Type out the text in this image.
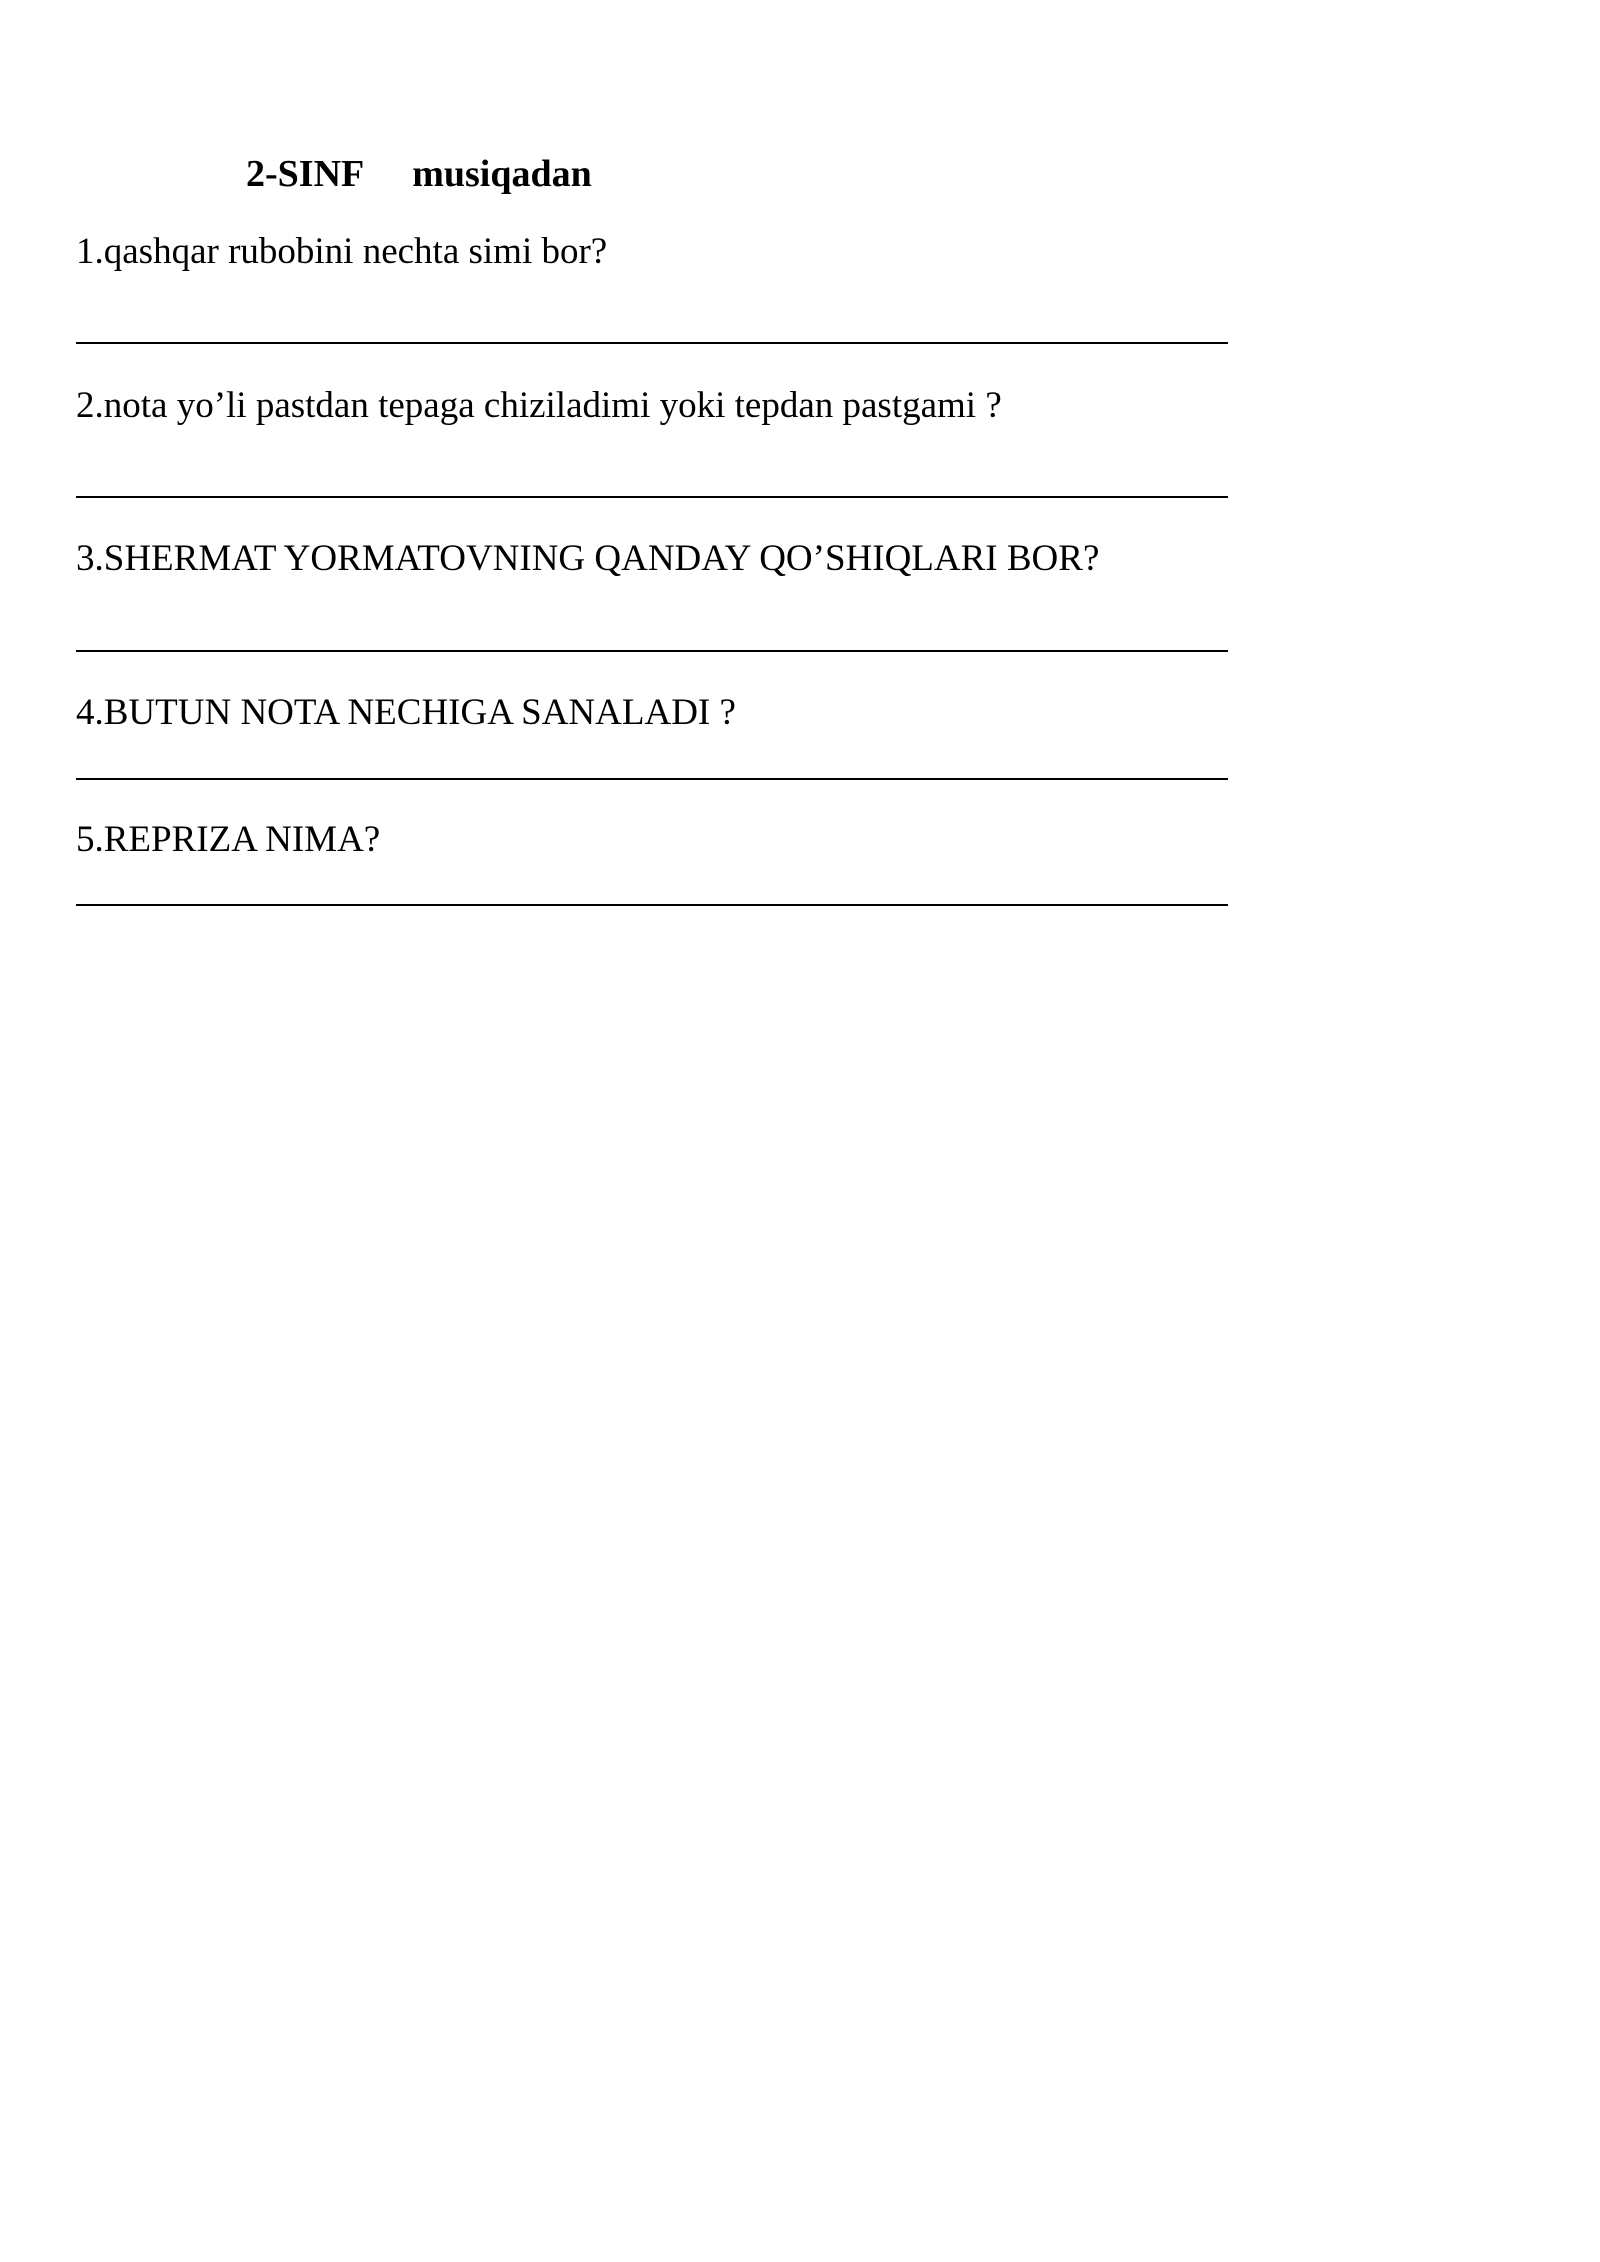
2-SINF musiqadan
1.qashqar rubobini nechta simi bor?
2.nota yo’li pastdan tepaga chiziladimi yoki tepdan pastgami ?
3.SHERMAT YORMATOVNING QANDAY QO’SHIQLARI BOR?
4.BUTUN NOTA NECHIGA SANALADI ?
5.REPRIZA NIMA?
